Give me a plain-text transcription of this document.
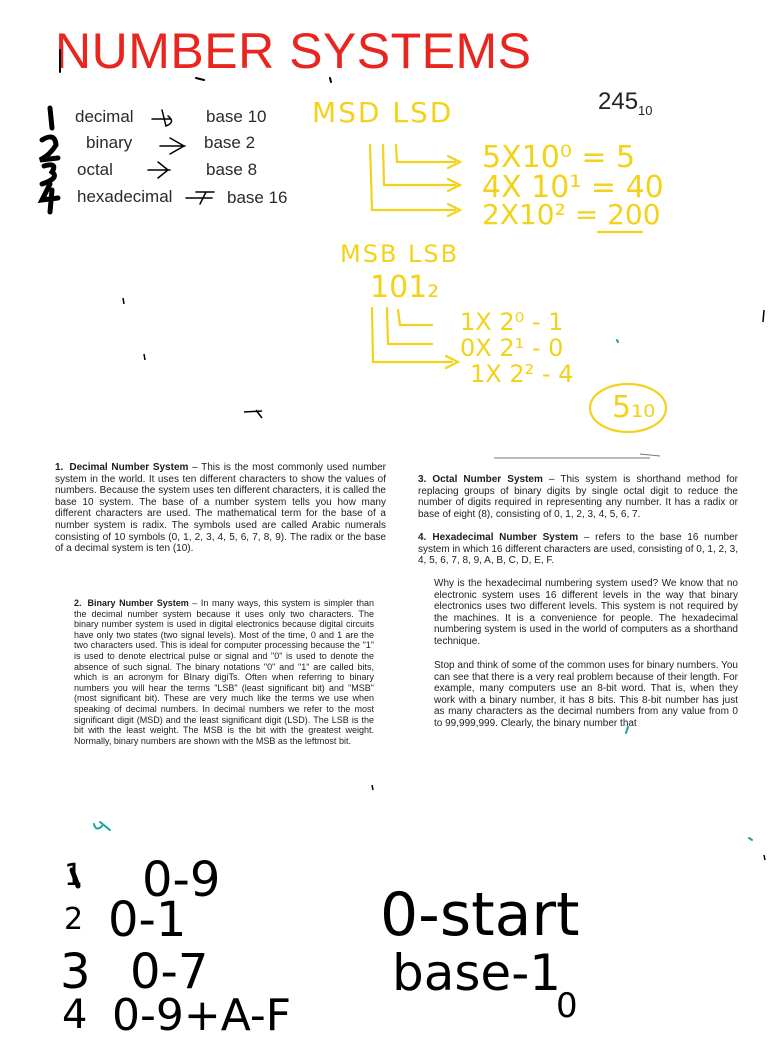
NUMBER SYSTEMS
$245_{10}$
decimal	base 10
binary	base 2
octal	base 8
hexadecimal	base 16
MSD LSD
5X10⁰ = 5
4X 10¹ = 40
2X10² = 200
MSB LSB
101₂
1X 2⁰ - 1
0X 2¹ - 0
1X 2² - 4
5₁₀
1. Decimal Number System – This is the most commonly used number system in the world. It uses ten different characters to show the values of numbers. Because the system uses ten different characters, it is called the base 10 system. The base of a number system tells you how many different characters are used. The mathematical term for the base of a number system is radix. The symbols used are called Arabic numerals consisting of 10 symbols (0, 1, 2, 3, 4, 5, 6, 7, 8, 9). The radix or the base of a decimal system is ten (10).
2. Binary Number System – In many ways, this system is simpler than the decimal number system because it uses only two characters. The binary number system is used in digital electronics because digital circuits have only two states (two signal levels). Most of the time, 0 and 1 are the two characters used. This is ideal for computer processing because the "1" is used to denote electrical pulse or signal and "0" is used to denote the absence of such signal. The binary notations "0" and "1" are called bits, which is an acronym for BInary digiTs. Often when referring to binary numbers you will hear the terms "LSB" (least significant bit) and "MSB" (most significant bit). These are very much like the terms we use when speaking of decimal numbers. In decimal numbers we refer to the most significant digit (MSD) and the least significant digit (LSD). The LSB is the bit with the least weight. The MSB is the bit with the greatest weight. Normally, binary numbers are shown with the MSB as the leftmost bit.
3. Octal Number System – This system is shorthand method for replacing groups of binary digits by single octal digit to reduce the number of digits required in representing any number. It has a radix or base of eight (8), consisting of 0, 1, 2, 3, 4, 5, 6, 7.
4. Hexadecimal Number System – refers to the base 16 number system in which 16 different characters are used, consisting of 0, 1, 2, 3, 4, 5, 6, 7, 8, 9, A, B, C, D, E, F.
Why is the hexadecimal numbering system used? We know that no electronic system uses 16 different levels in the way that binary electronics uses two different levels. This system is not required by the machines. It is a convenience for people. The hexadecimal numbering system is used in the world of computers as a shorthand technique.
Stop and think of some of the common uses for binary numbers. You can see that there is a very real problem because of their length. For example, many computers use an 8-bit word. That is, when they work with a binary number, it has 8 bits. This 8-bit number has just as many characters as the decimal numbers from any value from 0 to 99,999,999. Clearly, the binary number that
1 0-9
2 0-1	0-start
3 0-7	base-1
4 0-9+A-F	0
